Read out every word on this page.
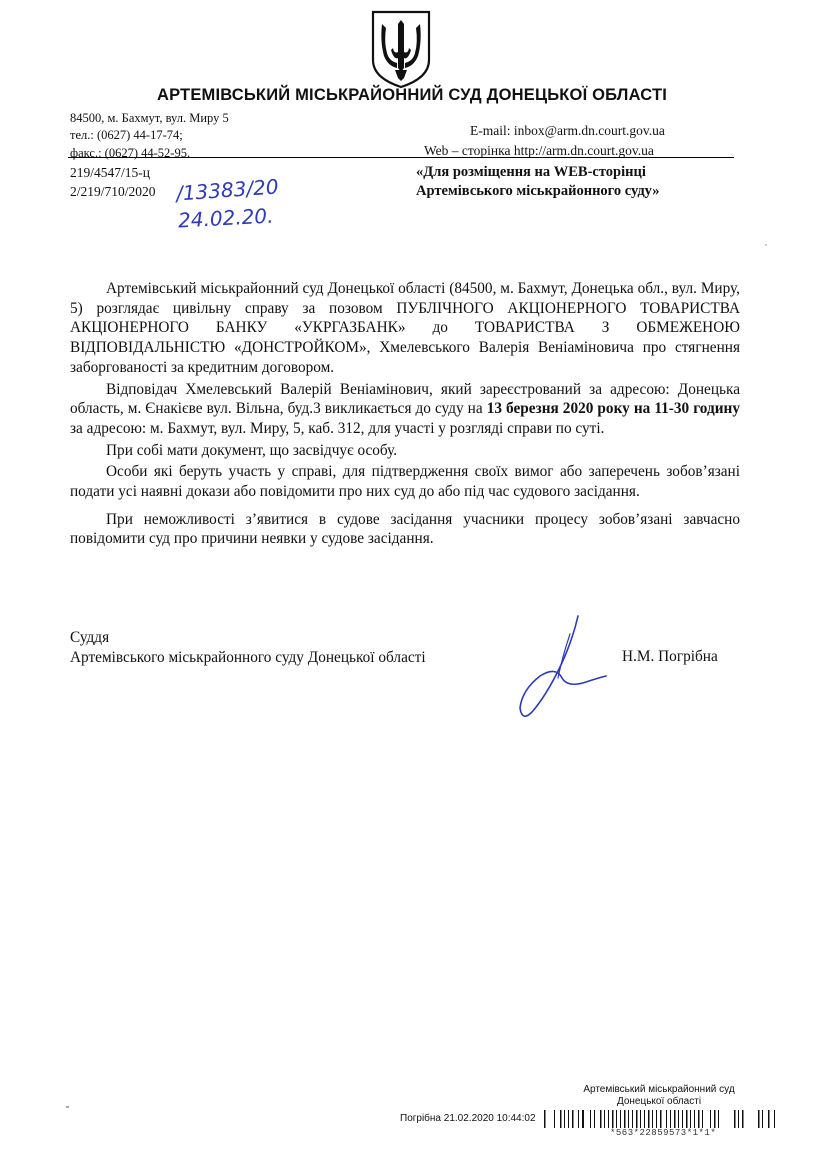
АРТЕМІВСЬКИЙ МІСЬКРАЙОННИЙ СУД ДОНЕЦЬКОЇ ОБЛАСТІ
84500, м. Бахмут, вул. Миру 5
тел.: (0627) 44-17-74;
факс.: (0627) 44-52-95.
E-mail: inbox@arm.dn.court.gov.ua
Web – сторінка http://arm.dn.court.gov.ua
219/4547/15-ц
2/219/710/2020 /13383/20
24.02.20.
«Для розміщення на WEB-сторінці
Артемівського міськрайонного суду»

Артемівський міськрайонний суд Донецької області (84500, м. Бахмут, Донецька обл., вул. Миру, 5) розглядає цивільну справу за позовом ПУБЛІЧНОГО АКЦІОНЕРНОГО ТОВАРИСТВА АКЦІОНЕРНОГО БАНКУ «УКРГАЗБАНК» до ТОВАРИСТВА З ОБМЕЖЕНОЮ ВІДПОВІДАЛЬНІСТЮ «ДОНСТРОЙКОМ», Хмелевського Валерія Веніаміновича про стягнення заборгованості за кредитним договором.

Відповідач Хмелевський Валерій Веніамінович, який зареєстрований за адресою: Донецька область, м. Єнакієве вул. Вільна, буд.3 викликається до суду на 13 березня 2020 року на 11-30 годину за адресою: м. Бахмут, вул. Миру, 5, каб. 312, для участі у розгляді справи по суті.

При собі мати документ, що засвідчує особу.

Особи які беруть участь у справі, для підтвердження своїх вимог або заперечень зобов’язані подати усі наявні докази або повідомити про них суд до або під час судового засідання.

При неможливості з’явитися в судове засідання учасники процесу зобов’язані завчасно повідомити суд про причини неявки у судове засідання.

Суддя
Артемівського міськрайонного суду Донецької області	Н.М. Погрібна
Артемівський міськрайонний суд
Донецької області
Погрібна 21.02.2020 10:44:02
*563*22859573*1*1*
